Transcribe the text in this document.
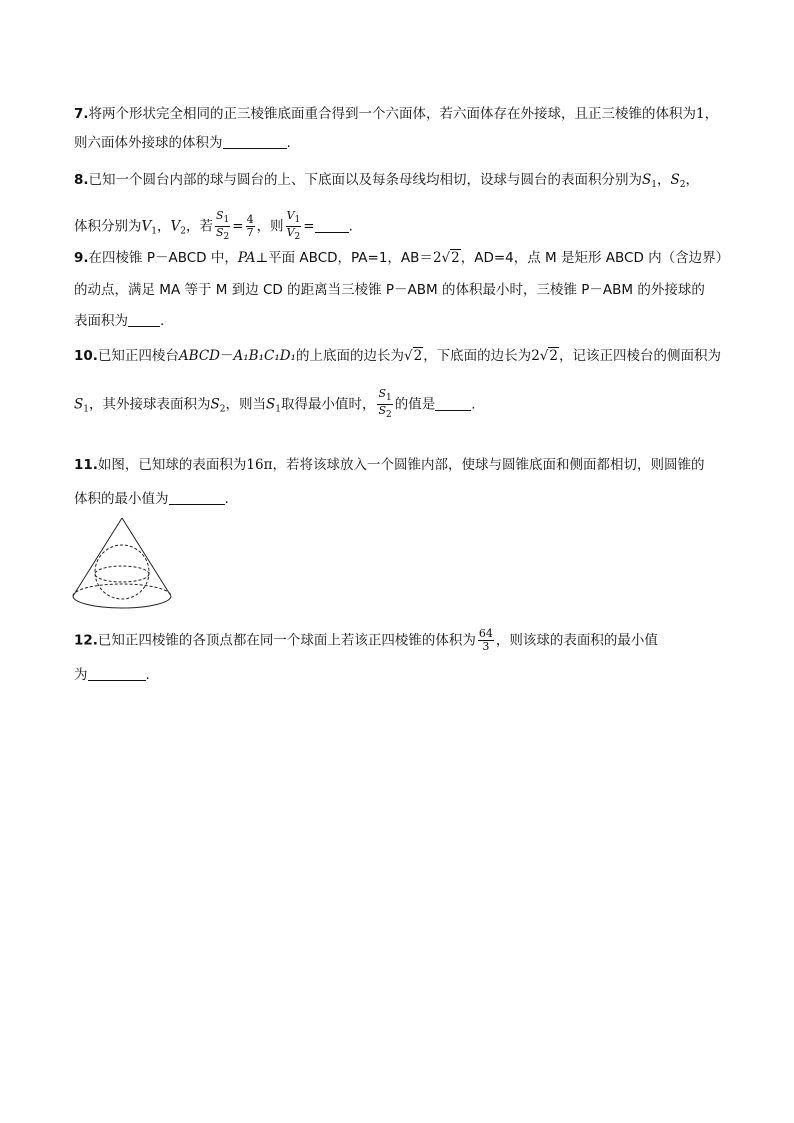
7.将两个形状完全相同的正三棱锥底面重合得到一个六面体，若六面体存在外接球，且正三棱锥的体积为1，
则六面体外接球的体积为	.
8.已知一个圆台内部的球与圆台的上、下底面以及每条母线均相切，设球与圆台的表面积分别为$S_1$，$S_2$，
体积分别为$V_1$，$V_2$，若 $\frac{S_1}{S_2} = \frac{4}{7}$ ，则 $\frac{V_1}{V_2}$ =	.
9.在四棱锥 P－ABCD 中，PA⊥平面 ABCD，PA=1，AB＝2√2，AD=4，点 M 是矩形 ABCD 内（含边界）
的动点，满足 MA 等于 M 到边 CD 的距离当三棱锥 P－ABM 的体积最小时，三棱锥 P－ABM 的外接球的
表面积为 .
10.已知正四棱台ABCD－A₁B₁C₁D₁的上底面的边长为√2，下底面的边长为2√2，记该正四棱台的侧面积为
$S_1$，其外接球表面积为$S_2$，则当$S_1$取得最小值时， $\frac{S_1}{S_2}$ 的值是	.
11.如图，已知球的表面积为16π，若将该球放入一个圆锥内部，使球与圆锥底面和侧面都相切，则圆锥的
体积的最小值为	.
12.已知正四棱锥的各顶点都在同一个球面上若该正四棱锥的体积为 $\frac{64}{3}$ ，则该球的表面积的最小值
为	.
